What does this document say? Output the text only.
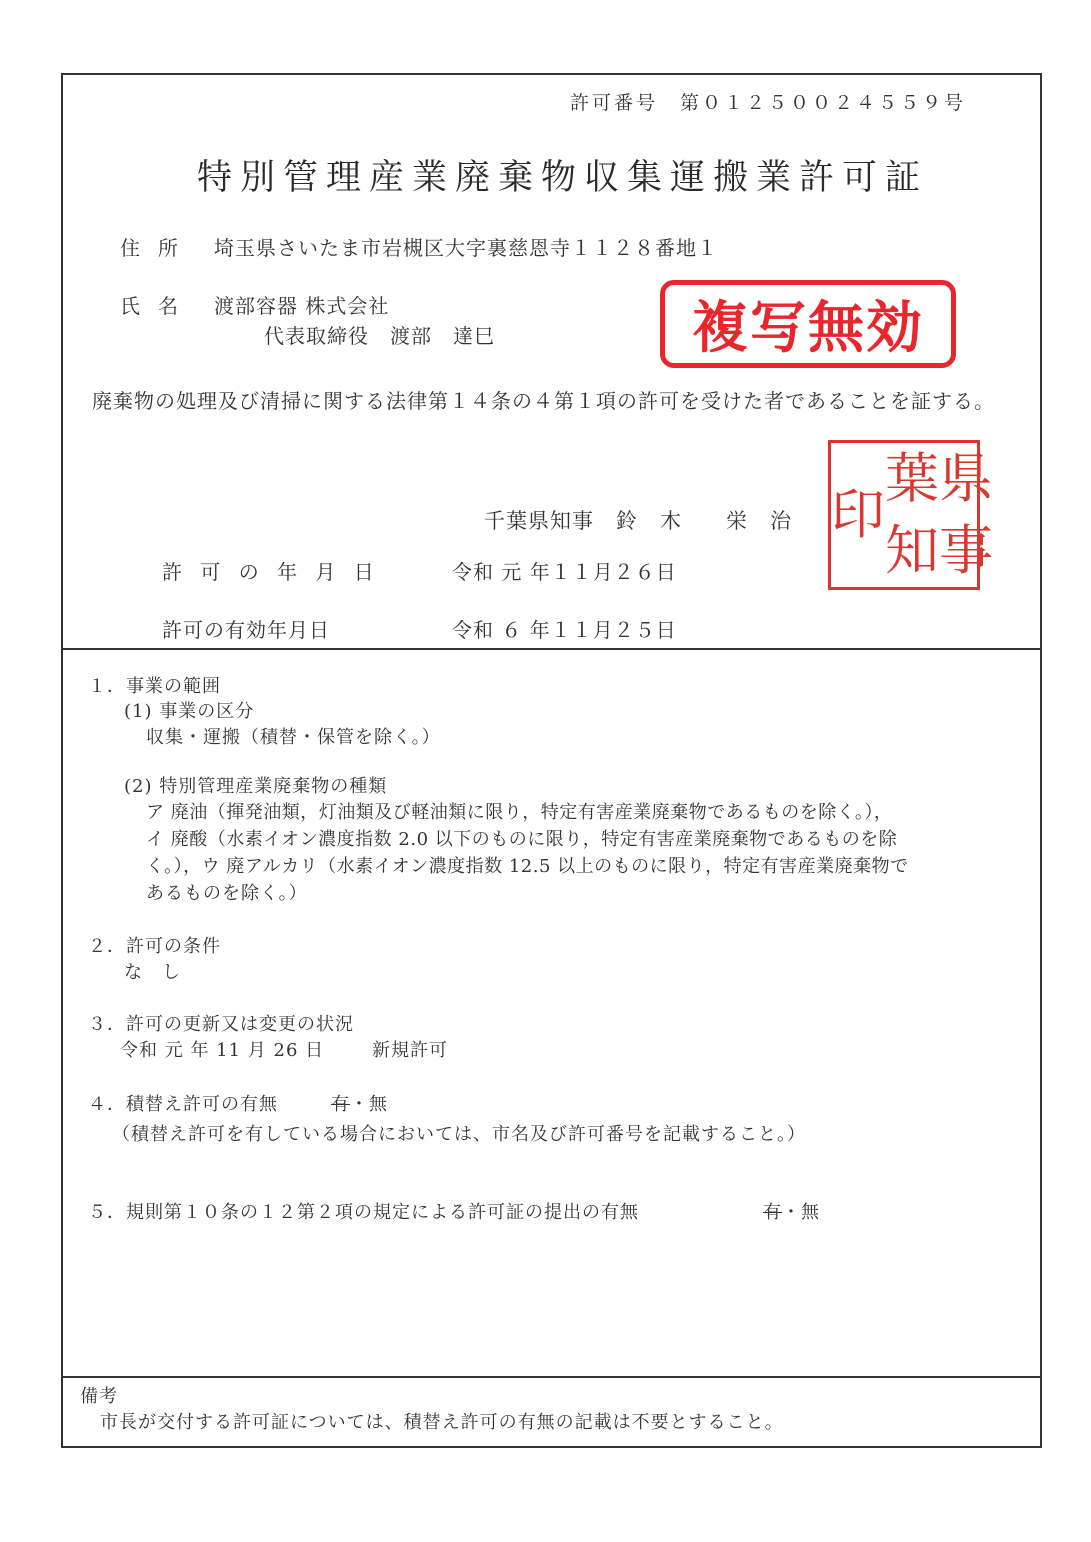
許可番号　第０１２５００２４５５９号
特別管理産業廃棄物収集運搬業許可証
住所 埼玉県さいたま市岩槻区大字裏慈恩寺１１２８番地１
氏名 渡部容器 株式会社
代表取締役　渡部　達巳	複写無効
廃棄物の処理及び清掃に関する法律第１４条の４第１項の許可を受けた者であることを証する。
千葉県知事　鈴　木　　栄　治
県
事
葉
知
印
許 可 の 年 月 日	令和 元 年１１月２６日
許可の有効年月日	令和 ６ 年１１月２５日
１．事業の範囲
(1) 事業の区分
収集・運搬（積替・保管を除く。）
(2) 特別管理産業廃棄物の種類
ア 廃油（揮発油類，灯油類及び軽油類に限り，特定有害産業廃棄物であるものを除く。），
イ 廃酸（水素イオン濃度指数 2.0 以下のものに限り，特定有害産業廃棄物であるものを除
く。），ウ 廃アルカリ（水素イオン濃度指数 12.5 以上のものに限り，特定有害産業廃棄物で
あるものを除く。）
２．許可の条件
な　し
３．許可の更新又は変更の状況
令和 元 年 11 月 26 日	新規許可
４．積替え許可の有無	有・無
（積替え許可を有している場合においては、市名及び許可番号を記載すること。）
５．規則第１０条の１２第２項の規定による許可証の提出の有無	有・無
備考
市長が交付する許可証については、積替え許可の有無の記載は不要とすること。
